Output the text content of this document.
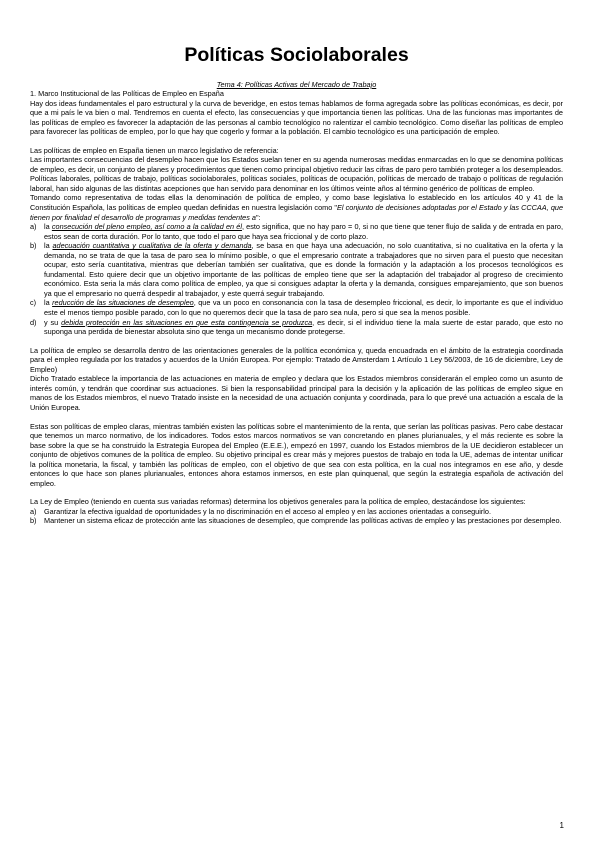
Políticas Sociolaborales
Tema 4: Políticas Activas del Mercado de Trabajo

1. Marco Institucional de las Políticas de Empleo en España

Hay dos ideas fundamentales el paro estructural y la curva de beveridge, en estos temas hablamos de forma agregada sobre las políticas económicas, es decir, por que a mi país le va bien o mal. Tendremos en cuenta el efecto, las consecuencias y que importancia tienen las políticas. Una de las funcionas mas importantes de las políticas de empleo es favorecer la adaptación de las personas al cambio tecnológico no ralentizar el cambio tecnológico. Como diseñar las políticas de empleo para favorecer las políticas de empleo, por lo que hay que cogerlo y formar a la población. El cambio tecnológico es una participación de empleo.

Las políticas de empleo en España tienen un marco legislativo de referencia:

Las importantes consecuencias del desempleo hacen que los Estados suelan tener en su agenda numerosas medidas enmarcadas en lo que se denomina políticas de empleo, es decir, un conjunto de planes y procedimientos que tienen como principal objetivo reducir las cifras de paro pero también proteger a los desempleados.

Políticas laborales, políticas de trabajo, políticas sociolaborales, políticas sociales, políticas de ocupación, políticas de mercado de trabajo o políticas de regulación laboral, han sido algunas de las distintas acepciones que han servido para denominar en los últimos veinte años al término genérico de políticas de empleo.

Tomando como representativa de todas ellas la denominación de política de empleo, y como base legislativa lo establecido en los artículos 40 y 41 de la Constitución Española, las políticas de empleo quedan definidas en nuestra legislación como "El conjunto de decisiones adoptadas por el Estado y las CCCAA, que tienen por finalidad el desarrollo de programas y medidas tendentes a":

a)	la consecución del pleno empleo, así como a la calidad en él, esto significa, que no hay paro = 0, si no que tiene que tener flujo de salida y de entrada en paro, estos sean de corta duración. Por lo tanto, que todo el paro que haya sea friccional y de corto plazo.
b)	la adecuación cuantitativa y cualitativa de la oferta y demanda, se basa en que haya una adecuación, no solo cuantitativa, si no cualitativa en la oferta y la demanda, no se trata de que la tasa de paro sea lo mínimo posible, o que el empresario contrate a trabajadores que no sirven para el puesto que necesitan ocupar, esto sería cuantitativa, mientras que deberían también ser cualitativa, que es donde la formación y la adaptación a los procesos tecnológicos es fundamental. Esto quiere decir que un objetivo importante de las políticas de empleo tiene que ser la adaptación del trabajador al progreso de crecimiento económico. Esta seria la más clara como política de empleo, ya que si consigues adaptar la oferta y la demanda, consigues emparejamiento, que son buenos ya que el empresario no querrá despedir al trabajador, y este querrá seguir trabajando.
c)	la reducción de las situaciones de desempleo, que va un poco en consonancia con la tasa de desempleo friccional, es decir, lo importante es que el individuo este el menos tiempo posible parado, con lo que no queremos decir que la tasa de paro sea nula, pero si que sea la menos posible.
d)	y su debida protección en las situaciones en que esta contingencia se produzca, es decir, si el individuo tiene la mala suerte de estar parado, que esto no suponga una perdida de bienestar absoluta sino que tenga un mecanismo donde protegerse.

La política de empleo se desarrolla dentro de las orientaciones generales de la política económica y, queda encuadrada en el ámbito de la estrategia coordinada para el empleo regulada por los tratados y acuerdos de la Unión Europea. Por ejemplo: Tratado de Amsterdam 1 Artículo 1 Ley 56/2003, de 16 de diciembre, Ley de Empleo)

Dicho Tratado establece la importancia de las actuaciones en materia de empleo y declara que los Estados miembros considerarán el empleo como un asunto de interés común, y tendrán que coordinar sus actuaciones. Si bien la responsabilidad principal para la decisión y la aplicación de las políticas de empleo sigue en manos de los Estados miembros, el nuevo Tratado insiste en la necesidad de una actuación conjunta y coordinada, para lo que prevé una actuación a escala de la Unión Europea.

Estas son políticas de empleo claras, mientras también existen las políticas sobre el mantenimiento de la renta, que serían las políticas pasivas. Pero cabe destacar que tenemos un marco normativo, de los indicadores. Todos estos marcos normativos se van concretando en planes plurianuales, y el más reciente es sobre la base sobre la que se ha construido la Estrategia Europea del Empleo (E.E.E.), empezó en 1997, cuando los Estados miembros de la UE decidieron establecer un conjunto de objetivos comunes de la política de empleo. Su objetivo principal es crear más y mejores puestos de trabajo en toda la UE, ademas de intentar unificar la política monetaria, la fiscal, y también las políticas de empleo, con el objetivo de que sea con esta política, en la cual nos integramos en ese año, y desde entonces lo que hace son planes plurianuales, entonces ahora estamos inmersos, en este plan quinquenal, que según la estrategia española de activación del empleo.

La Ley de Empleo (teniendo en cuenta sus variadas reformas) determina los objetivos generales para la política de empleo, destacándose los siguientes:

a)	Garantizar la efectiva igualdad de oportunidades y la no discriminación en el acceso al empleo y en las acciones orientadas a conseguirlo.
b)	Mantener un sistema eficaz de protección ante las situaciones de desempleo, que comprende las políticas activas de empleo y las prestaciones por desempleo.
1
